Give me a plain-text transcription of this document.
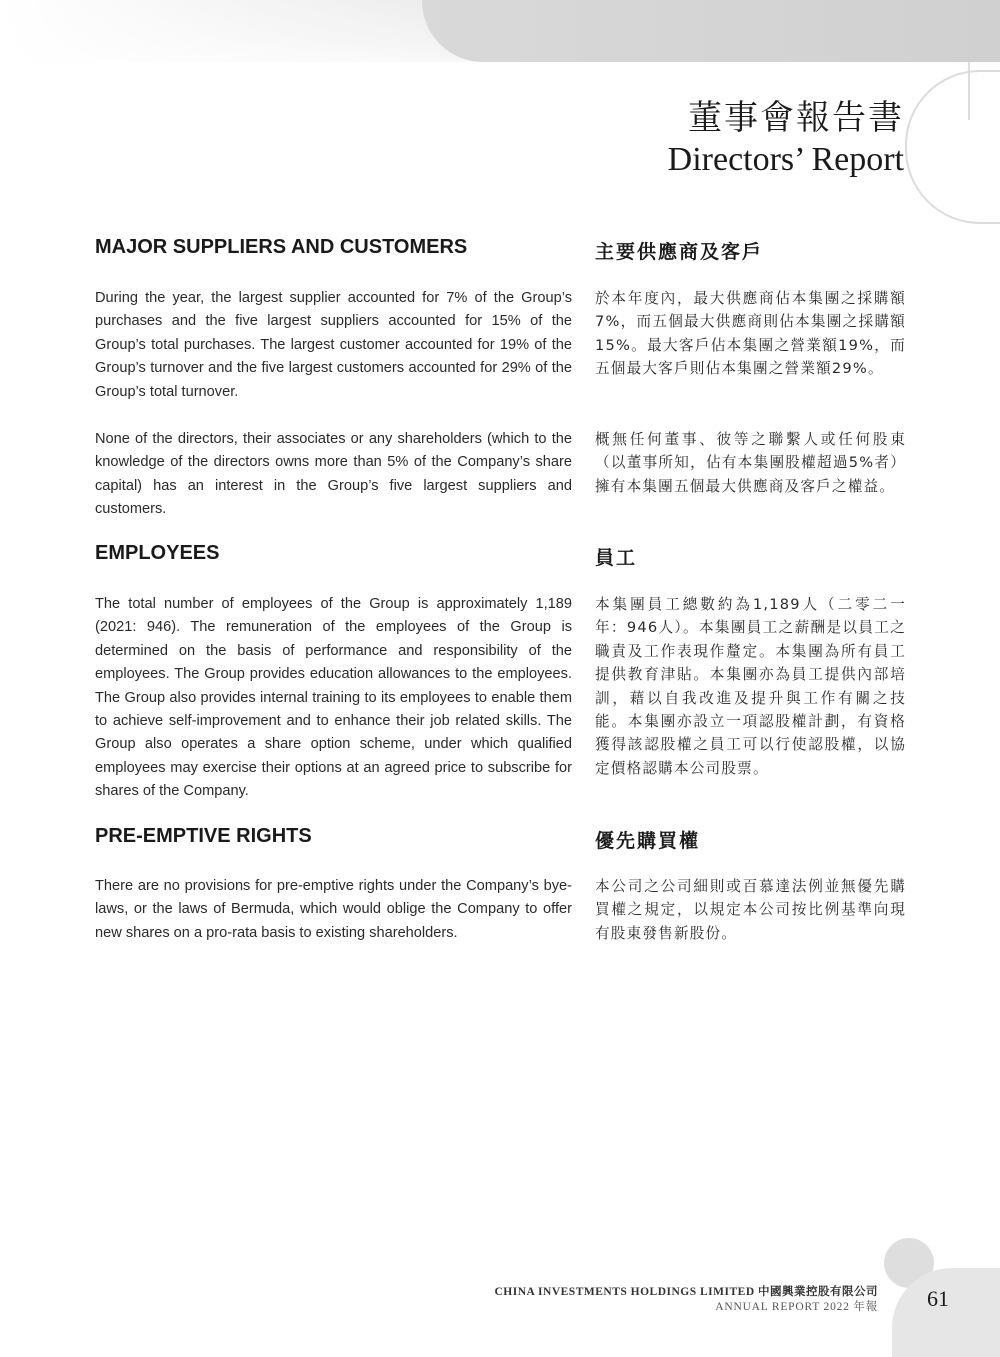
董事會報告書
Directors’ Report
MAJOR SUPPLIERS AND CUSTOMERS	主要供應商及客戶

During the year, the largest supplier accounted for 7% of the Group’s purchases and the five largest suppliers accounted for 15% of the Group’s total purchases. The largest customer accounted for 19% of the Group’s turnover and the five largest customers accounted for 29% of the Group’s total turnover.

於本年度內，最大供應商佔本集團之採購額7%，而五個最大供應商則佔本集團之採購額15%。最大客戶佔本集團之營業額19%，而五個最大客戶則佔本集團之營業額29%。

None of the directors, their associates or any shareholders (which to the knowledge of the directors owns more than 5% of the Company’s share capital) has an interest in the Group’s five largest suppliers and customers.

概無任何董事、彼等之聯繫人或任何股東（以董事所知，佔有本集團股權超過5%者）擁有本集團五個最大供應商及客戶之權益。

EMPLOYEES	員工

The total number of employees of the Group is approximately 1,189 (2021: 946). The remuneration of the employees of the Group is determined on the basis of performance and responsibility of the employees. The Group provides education allowances to the employees. The Group also provides internal training to its employees to enable them to achieve self-improvement and to enhance their job related skills. The Group also operates a share option scheme, under which qualified employees may exercise their options at an agreed price to subscribe for shares of the Company.

本集團員工總數約為1,189人（二零二一年：946人）。本集團員工之薪酬是以員工之職責及工作表現作釐定。本集團為所有員工提供教育津貼。本集團亦為員工提供內部培訓，藉以自我改進及提升與工作有關之技能。本集團亦設立一項認股權計劃，有資格獲得該認股權之員工可以行使認股權，以協定價格認購本公司股票。

PRE-EMPTIVE RIGHTS	優先購買權

There are no provisions for pre-emptive rights under the Company’s bye-laws, or the laws of Bermuda, which would oblige the Company to offer new shares on a pro-rata basis to existing shareholders.

本公司之公司細則或百慕達法例並無優先購買權之規定，以規定本公司按比例基準向現有股東發售新股份。

CHINA INVESTMENTS HOLDINGS LIMITED 中國興業控股有限公司
ANNUAL REPORT 2022 年報	61
